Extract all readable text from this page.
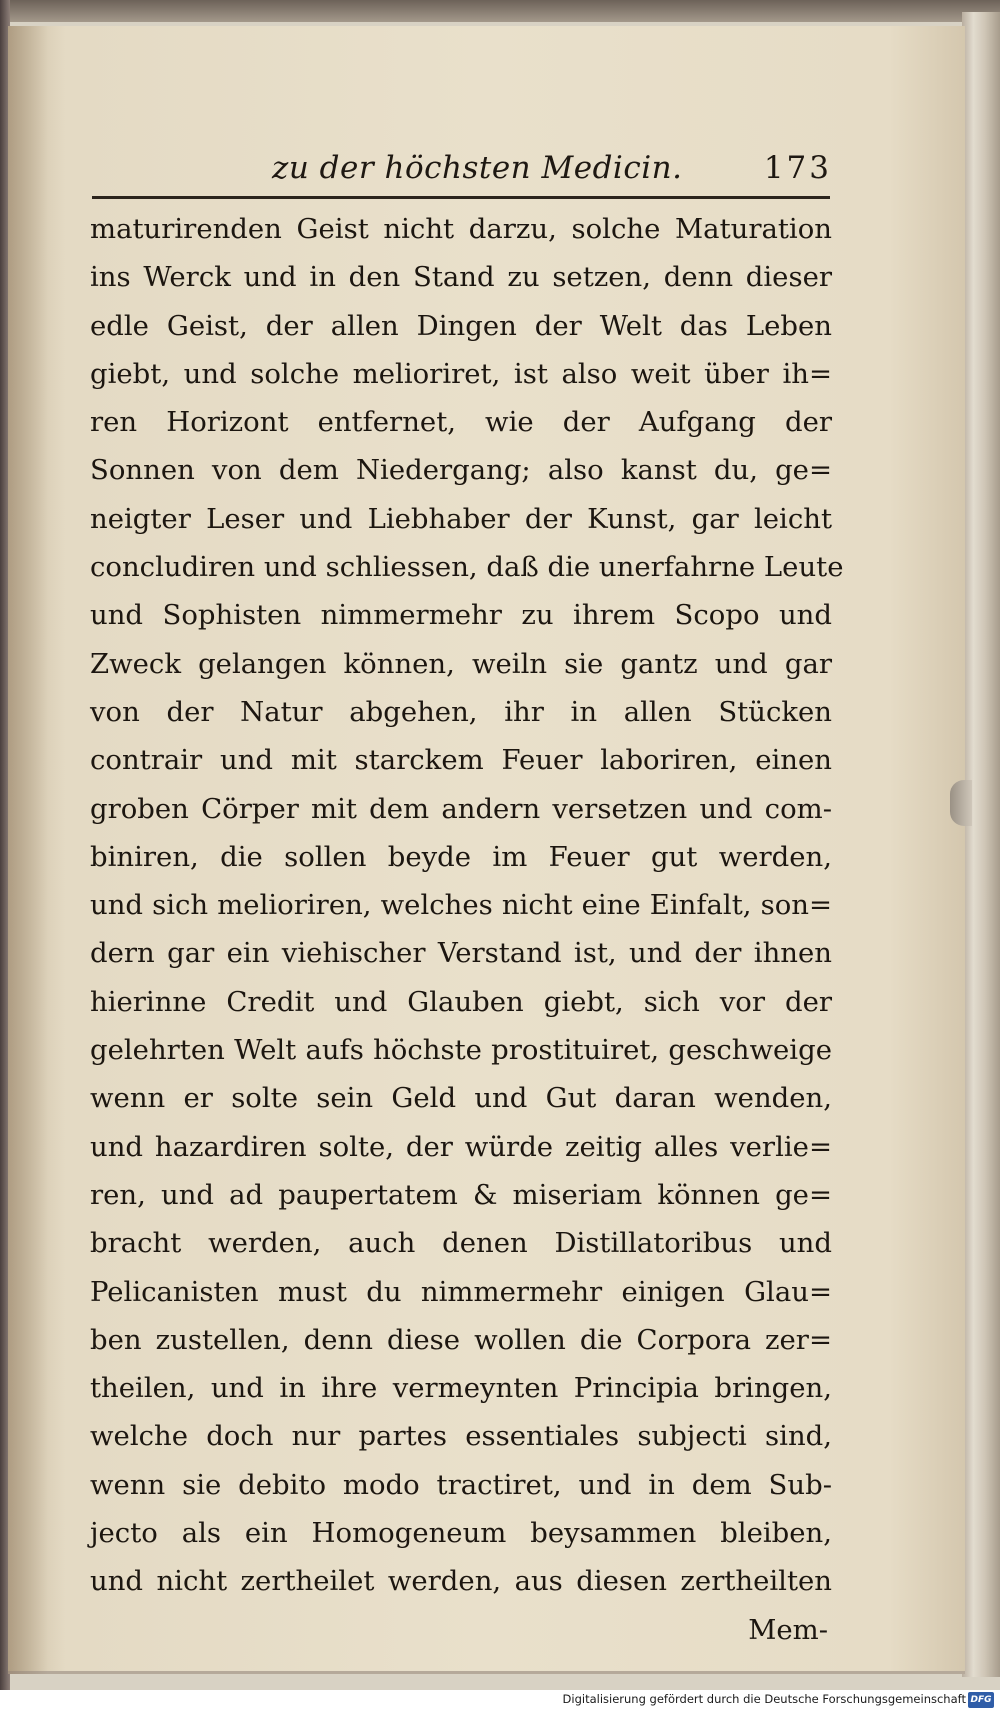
zu der höchsten Medicin.	173
maturirenden Geist nicht darzu, solche Maturation
ins Werck und in den Stand zu setzen, denn dieser
edle Geist, der allen Dingen der Welt das Leben
giebt, und solche melioriret, ist also weit über ih=
ren Horizont entfernet, wie der Aufgang der
Sonnen von dem Niedergang; also kanst du, ge=
neigter Leser und Liebhaber der Kunst, gar leicht
concludiren und schliessen, daß die unerfahrne Leute
und Sophisten nimmermehr zu ihrem Scopo und
Zweck gelangen können, weiln sie gantz und gar
von der Natur abgehen, ihr in allen Stücken
contrair und mit starckem Feuer laboriren, einen
groben Cörper mit dem andern versetzen und com-
biniren, die sollen beyde im Feuer gut werden,
und sich melioriren, welches nicht eine Einfalt, son=
dern gar ein viehischer Verstand ist, und der ihnen
hierinne Credit und Glauben giebt, sich vor der
gelehrten Welt aufs höchste prostituiret, geschweige
wenn er solte sein Geld und Gut daran wenden,
und hazardiren solte, der würde zeitig alles verlie=
ren, und ad paupertatem & miseriam können ge=
bracht werden, auch denen Distillatoribus und
Pelicanisten must du nimmermehr einigen Glau=
ben zustellen, denn diese wollen die Corpora zer=
theilen, und in ihre vermeynten Principia bringen,
welche doch nur partes essentiales subjecti sind,
wenn sie debito modo tractiret, und in dem Sub-
jecto als ein Homogeneum beysammen bleiben,
und nicht zertheilet werden, aus diesen zertheilten
Mem-
Digitalisierung gefördert durch die Deutsche Forschungsgemeinschaft DFG
